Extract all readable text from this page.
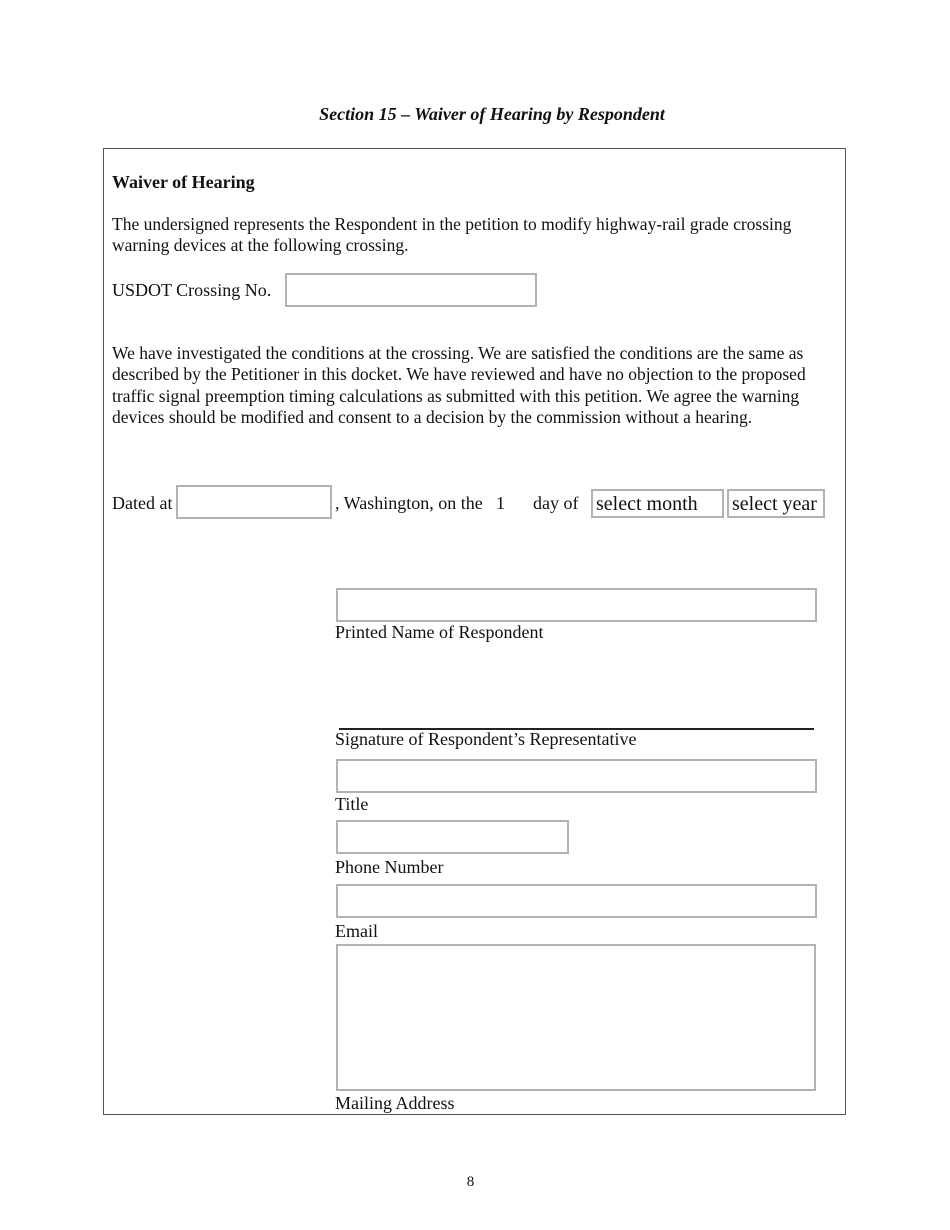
Section 15 – Waiver of Hearing by Respondent
Waiver of Hearing
The undersigned represents the Respondent in the petition to modify highway-rail grade crossing warning devices at the following crossing.
USDOT Crossing No.
We have investigated the conditions at the crossing. We are satisfied the conditions are the same as described by the Petitioner in this docket. We have reviewed and have no objection to the proposed traffic signal preemption timing calculations as submitted with this petition. We agree the warning devices should be modified and consent to a decision by the commission without a hearing.
Dated at	, Washington, on the 1 day of select month	select year
Printed Name of Respondent
Signature of Respondent’s Representative
Title
Phone Number
Email
Mailing Address
8
